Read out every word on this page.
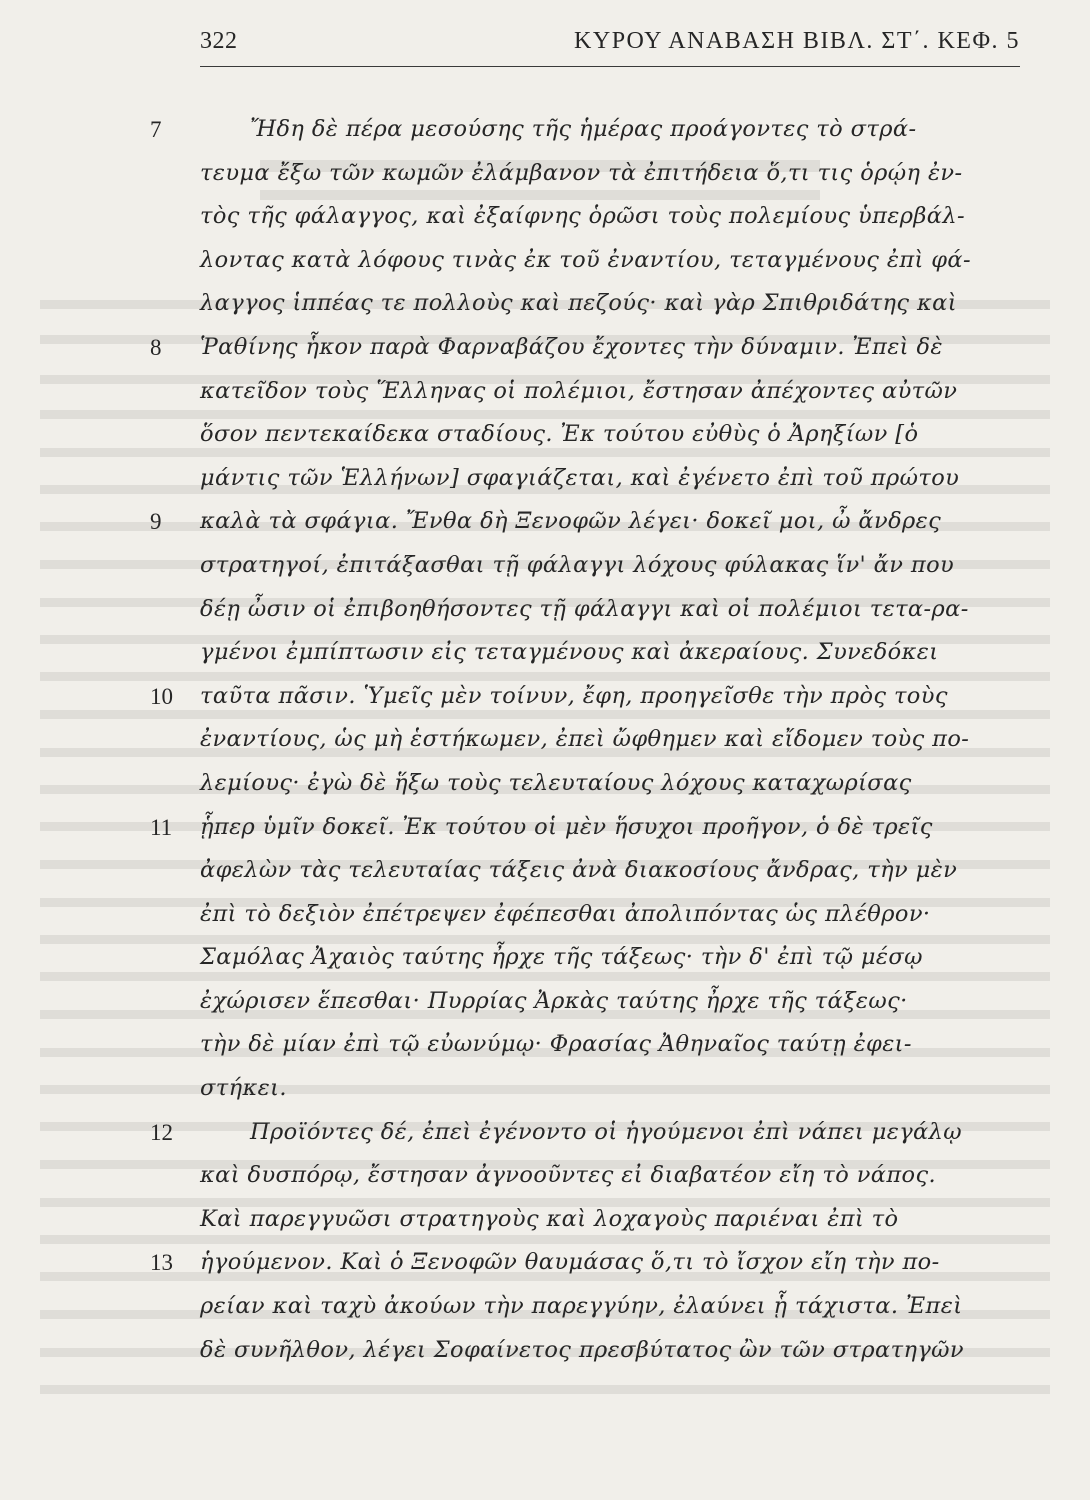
322	ΚΥΡΟΥ ΑΝΑΒΑΣΗ ΒΙΒΛ. ΣΤ΄. ΚΕΦ. 5
7	Ἤδη δὲ πέρα μεσούσης τῆς ἡμέρας προάγοντες τὸ στρά-
τευμα ἔξω τῶν κωμῶν ἐλάμβανον τὰ ἐπιτήδεια ὅ,τι τις ὁρῴη ἐν-
τὸς τῆς φάλαγγος, καὶ ἐξαίφνης ὁρῶσι τοὺς πολεμίους ὑπερβάλ-
λοντας κατὰ λόφους τινὰς ἐκ τοῦ ἐναντίου, τεταγμένους ἐπὶ φά-
λαγγος ἱππέας τε πολλοὺς καὶ πεζούς· καὶ γὰρ Σπιθριδάτης καὶ
8	Ῥαθίνης ἧκον παρὰ Φαρναβάζου ἔχοντες τὴν δύναμιν. Ἐπεὶ δὲ
κατεῖδον τοὺς Ἕλληνας οἱ πολέμιοι, ἔστησαν ἀπέχοντες αὐτῶν
ὅσον πεντεκαίδεκα σταδίους. Ἐκ τούτου εὐθὺς ὁ Ἀρηξίων [ὁ
μάντις τῶν Ἑλλήνων] σφαγιάζεται, καὶ ἐγένετο ἐπὶ τοῦ πρώτου
9	καλὰ τὰ σφάγια. Ἔνθα δὴ Ξενοφῶν λέγει· δοκεῖ μοι, ὦ ἄνδρες
στρατηγοί, ἐπιτάξασθαι τῇ φάλαγγι λόχους φύλακας ἵν' ἄν που
δέῃ ὦσιν οἱ ἐπιβοηθήσοντες τῇ φάλαγγι καὶ οἱ πολέμιοι τετα-ρα-
γμένοι ἐμπίπτωσιν εἰς τεταγμένους καὶ ἀκεραίους. Συνεδόκει
10	ταῦτα πᾶσιν. Ὑμεῖς μὲν τοίνυν, ἔφη, προηγεῖσθε τὴν πρὸς τοὺς
ἐναντίους, ὡς μὴ ἑστήκωμεν, ἐπεὶ ὤφθημεν καὶ εἴδομεν τοὺς πο-
λεμίους· ἐγὼ δὲ ἥξω τοὺς τελευταίους λόχους καταχωρίσας
11	ᾗπερ ὑμῖν δοκεῖ. Ἐκ τούτου οἱ μὲν ἥσυχοι προῆγον, ὁ δὲ τρεῖς
ἀφελὼν τὰς τελευταίας τάξεις ἀνὰ διακοσίους ἄνδρας, τὴν μὲν
ἐπὶ τὸ δεξιὸν ἐπέτρεψεν ἐφέπεσθαι ἀπολιπόντας ὡς πλέθρον·
Σαμόλας Ἀχαιὸς ταύτης ἦρχε τῆς τάξεως· τὴν δ' ἐπὶ τῷ μέσῳ
ἐχώρισεν ἕπεσθαι· Πυρρίας Ἀρκὰς ταύτης ἦρχε τῆς τάξεως·
τὴν δὲ μίαν ἐπὶ τῷ εὐωνύμῳ· Φρασίας Ἀθηναῖος ταύτῃ ἐφει-
στήκει.
12	Προϊόντες δέ, ἐπεὶ ἐγένοντο οἱ ἡγούμενοι ἐπὶ νάπει μεγάλῳ
καὶ δυσπόρῳ, ἔστησαν ἀγνοοῦντες εἰ διαβατέον εἴη τὸ νάπος.
Καὶ παρεγγυῶσι στρατηγοὺς καὶ λοχαγοὺς παριέναι ἐπὶ τὸ
13	ἡγούμενον. Καὶ ὁ Ξενοφῶν θαυμάσας ὅ,τι τὸ ἴσχον εἴη τὴν πο-
ρείαν καὶ ταχὺ ἀκούων τὴν παρεγγύην, ἐλαύνει ᾗ τάχιστα. Ἐπεὶ
δὲ συνῆλθον, λέγει Σοφαίνετος πρεσβύτατος ὢν τῶν στρατηγῶν
